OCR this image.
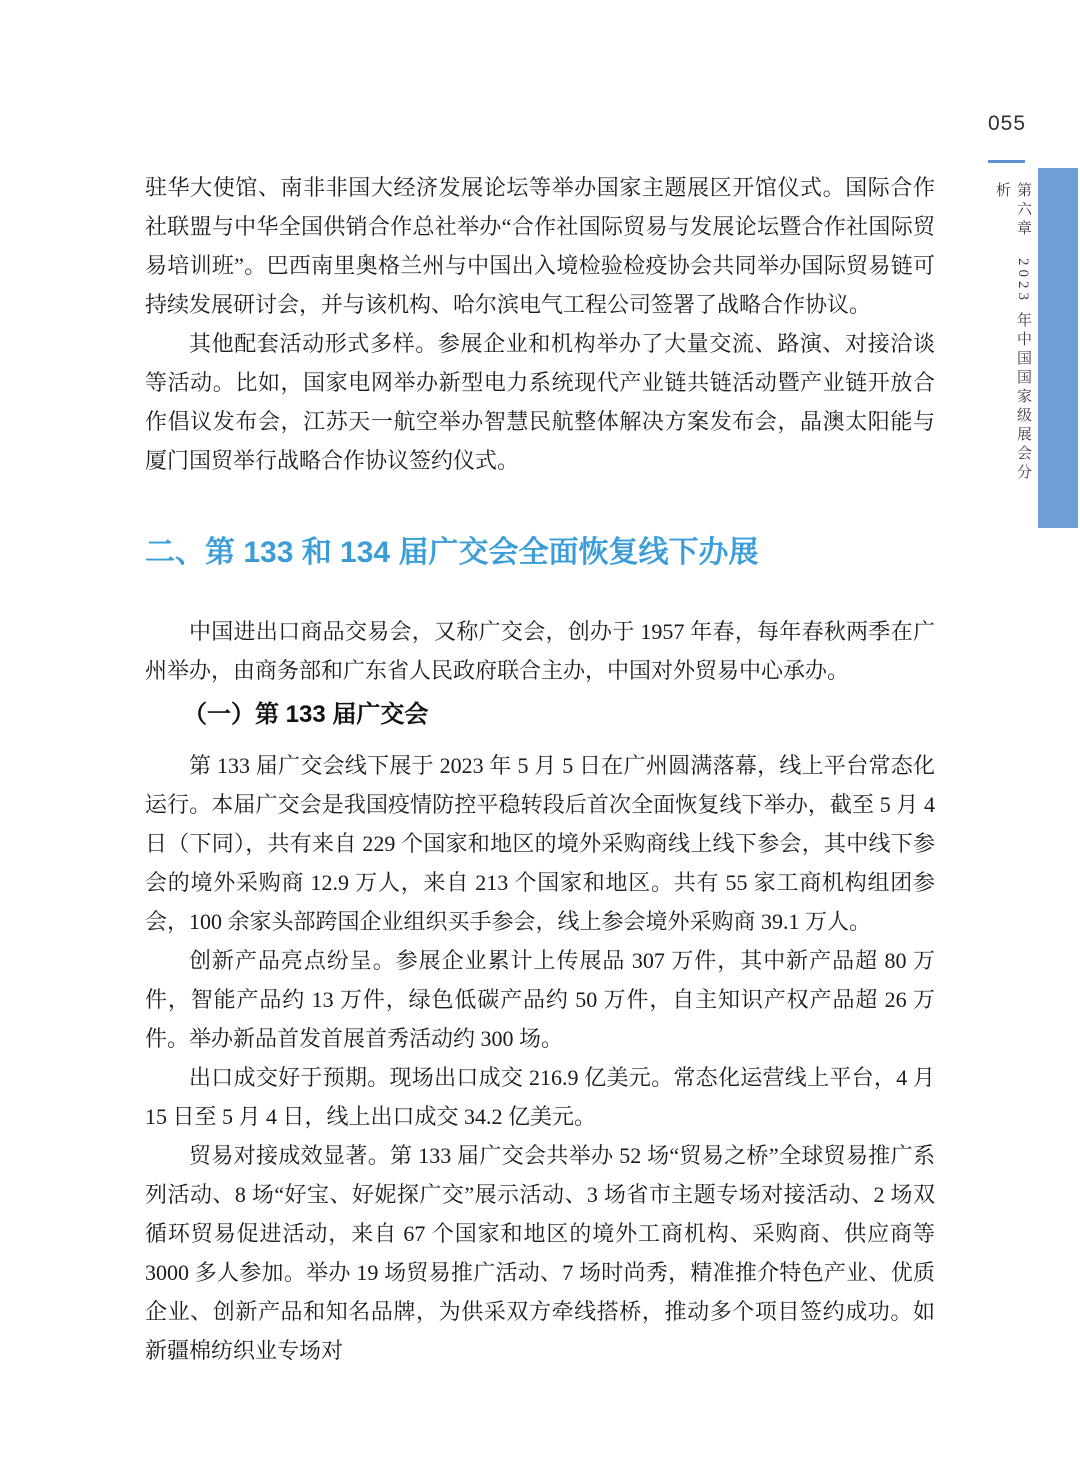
055
第六章　2023 年中国国家级展会分析

驻华大使馆、南非非国大经济发展论坛等举办国家主题展区开馆仪式。国际合作社联盟与中华全国供销合作总社举办“合作社国际贸易与发展论坛暨合作社国际贸易培训班”。巴西南里奥格兰州与中国出入境检验检疫协会共同举办国际贸易链可持续发展研讨会，并与该机构、哈尔滨电气工程公司签署了战略合作协议。

其他配套活动形式多样。参展企业和机构举办了大量交流、路演、对接洽谈等活动。比如，国家电网举办新型电力系统现代产业链共链活动暨产业链开放合作倡议发布会，江苏天一航空举办智慧民航整体解决方案发布会，晶澳太阳能与厦门国贸举行战略合作协议签约仪式。

二、第 133 和 134 届广交会全面恢复线下办展

中国进出口商品交易会，又称广交会，创办于 1957 年春，每年春秋两季在广州举办，由商务部和广东省人民政府联合主办，中国对外贸易中心承办。

（一）第 133 届广交会

第 133 届广交会线下展于 2023 年 5 月 5 日在广州圆满落幕，线上平台常态化运行。本届广交会是我国疫情防控平稳转段后首次全面恢复线下举办，截至 5 月 4 日（下同），共有来自 229 个国家和地区的境外采购商线上线下参会，其中线下参会的境外采购商 12.9 万人，来自 213 个国家和地区。共有 55 家工商机构组团参会，100 余家头部跨国企业组织买手参会，线上参会境外采购商 39.1 万人。

创新产品亮点纷呈。参展企业累计上传展品 307 万件，其中新产品超 80 万件，智能产品约 13 万件，绿色低碳产品约 50 万件，自主知识产权产品超 26 万件。举办新品首发首展首秀活动约 300 场。

出口成交好于预期。现场出口成交 216.9 亿美元。常态化运营线上平台，4 月 15 日至 5 月 4 日，线上出口成交 34.2 亿美元。

贸易对接成效显著。第 133 届广交会共举办 52 场“贸易之桥”全球贸易推广系列活动、8 场“好宝、好妮探广交”展示活动、3 场省市主题专场对接活动、2 场双循环贸易促进活动，来自 67 个国家和地区的境外工商机构、采购商、供应商等 3000 多人参加。举办 19 场贸易推广活动、7 场时尚秀，精准推介特色产业、优质企业、创新产品和知名品牌，为供采双方牵线搭桥，推动多个项目签约成功。如新疆棉纺织业专场对
